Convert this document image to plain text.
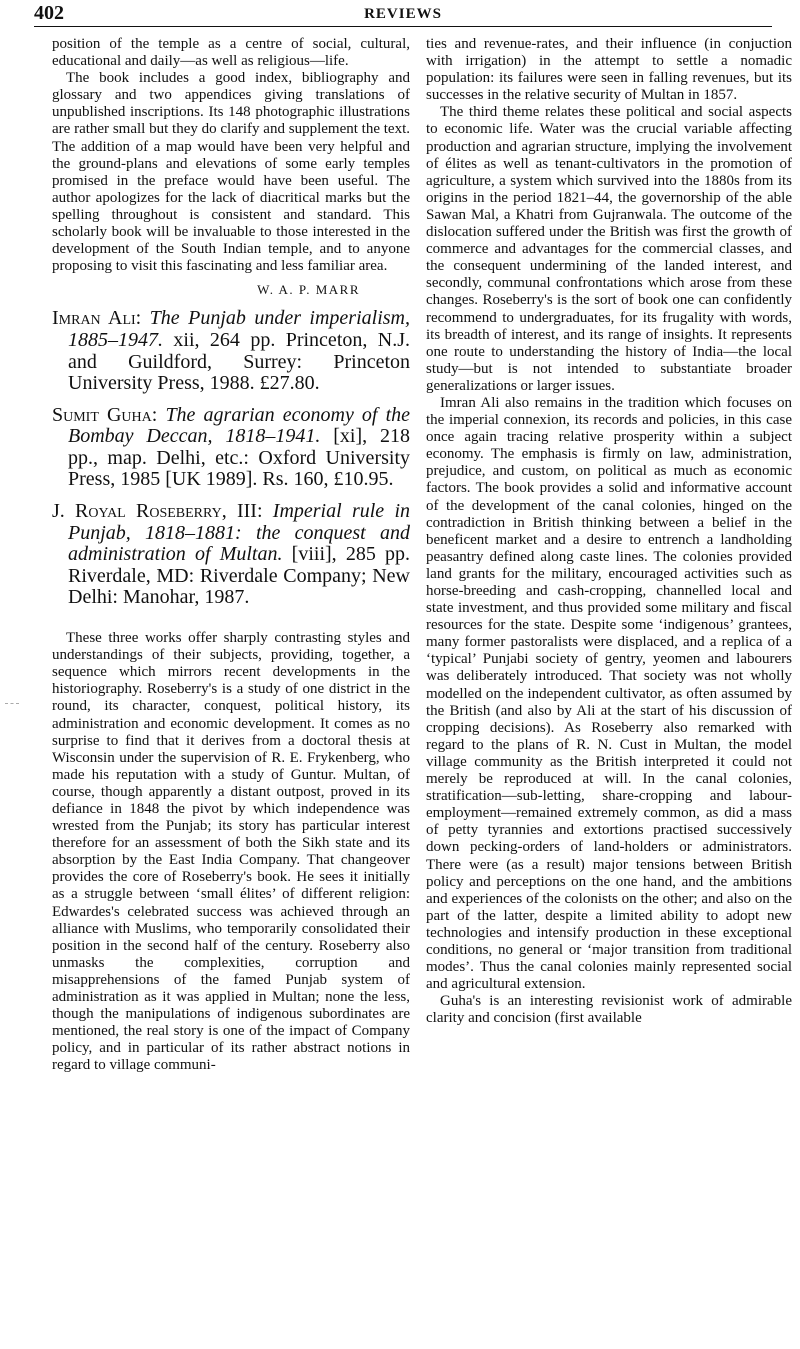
402	REVIEWS

position of the temple as a centre of social, cultural, educational and daily—as well as religious—life.

The book includes a good index, bibliography and glossary and two appendices giving translations of unpublished inscriptions. Its 148 photographic illustrations are rather small but they do clarify and supplement the text. The addition of a map would have been very helpful and the ground-plans and elevations of some early temples promised in the preface would have been useful. The author apologizes for the lack of diacritical marks but the spelling throughout is consistent and standard. This scholarly book will be invaluable to those interested in the development of the South Indian temple, and to anyone proposing to visit this fascinating and less familiar area.

W. A. P. MARR

Imran Ali: The Punjab under imperialism, 1885–1947. xii, 264 pp. Princeton, N.J. and Guildford, Surrey: Princeton University Press, 1988. £27.80.

Sumit Guha: The agrarian economy of the Bombay Deccan, 1818–1941. [xi], 218 pp., map. Delhi, etc.: Oxford University Press, 1985 [UK 1989]. Rs. 160, £10.95.

J. Royal Roseberry, III: Imperial rule in Punjab, 1818–1881: the conquest and administration of Multan. [viii], 285 pp. Riverdale, MD: Riverdale Company; New Delhi: Manohar, 1987.

These three works offer sharply contrasting styles and understandings of their subjects, providing, together, a sequence which mirrors recent developments in the historiography. Roseberry's is a study of one district in the round, its character, conquest, political history, its administration and economic development. It comes as no surprise to find that it derives from a doctoral thesis at Wisconsin under the supervision of R. E. Frykenberg, who made his reputation with a study of Guntur. Multan, of course, though apparently a distant outpost, proved in its defiance in 1848 the pivot by which independence was wrested from the Punjab; its story has particular interest therefore for an assessment of both the Sikh state and its absorption by the East India Company. That changeover provides the core of Roseberry's book. He sees it initially as a struggle between ‘small élites’ of different religion: Edwardes's celebrated success was achieved through an alliance with Muslims, who temporarily consolidated their position in the second half of the century. Roseberry also unmasks the complexities, corruption and misapprehensions of the famed Punjab system of administration as it was applied in Multan; none the less, though the manipulations of indigenous subordinates are mentioned, the real story is one of the impact of Company policy, and in particular of its rather abstract notions in regard to village communi-

ties and revenue-rates, and their influence (in conjuction with irrigation) in the attempt to settle a nomadic population: its failures were seen in falling revenues, but its successes in the relative security of Multan in 1857.

The third theme relates these political and social aspects to economic life. Water was the crucial variable affecting production and agrarian structure, implying the involvement of élites as well as tenant-cultivators in the promotion of agriculture, a system which survived into the 1880s from its origins in the period 1821–44, the governorship of the able Sawan Mal, a Khatri from Gujranwala. The outcome of the dislocation suffered under the British was first the growth of commerce and advantages for the commercial classes, and the consequent undermining of the landed interest, and secondly, communal confrontations which arose from these changes. Roseberry's is the sort of book one can confidently recommend to undergraduates, for its frugality with words, its breadth of interest, and its range of insights. It represents one route to understanding the history of India—the local study—but is not intended to substantiate broader generalizations or larger issues.

Imran Ali also remains in the tradition which focuses on the imperial connexion, its records and policies, in this case once again tracing relative prosperity within a subject economy. The emphasis is firmly on law, administration, prejudice, and custom, on political as much as economic factors. The book provides a solid and informative account of the development of the canal colonies, hinged on the contradiction in British thinking between a belief in the beneficent market and a desire to entrench a landholding peasantry defined along caste lines. The colonies provided land grants for the military, encouraged activities such as horse-breeding and cash-cropping, channelled local and state investment, and thus provided some military and fiscal resources for the state. Despite some ‘indigenous’ grantees, many former pastoralists were displaced, and a replica of a ‘typical’ Punjabi society of gentry, yeomen and labourers was deliberately introduced. That society was not wholly modelled on the independent cultivator, as often assumed by the British (and also by Ali at the start of his discussion of cropping decisions). As Roseberry also remarked with regard to the plans of R. N. Cust in Multan, the model village community as the British interpreted it could not merely be reproduced at will. In the canal colonies, stratification—sub-letting, share-cropping and labour-employment—remained extremely common, as did a mass of petty tyrannies and extortions practised successively down pecking-orders of land-holders or administrators. There were (as a result) major tensions between British policy and perceptions on the one hand, and the ambitions and experiences of the colonists on the other; and also on the part of the latter, despite a limited ability to adopt new technologies and intensify production in these exceptional conditions, no general or ‘major transition from traditional modes’. Thus the canal colonies mainly represented social and agricultural extension.

Guha's is an interesting revisionist work of admirable clarity and concision (first available
